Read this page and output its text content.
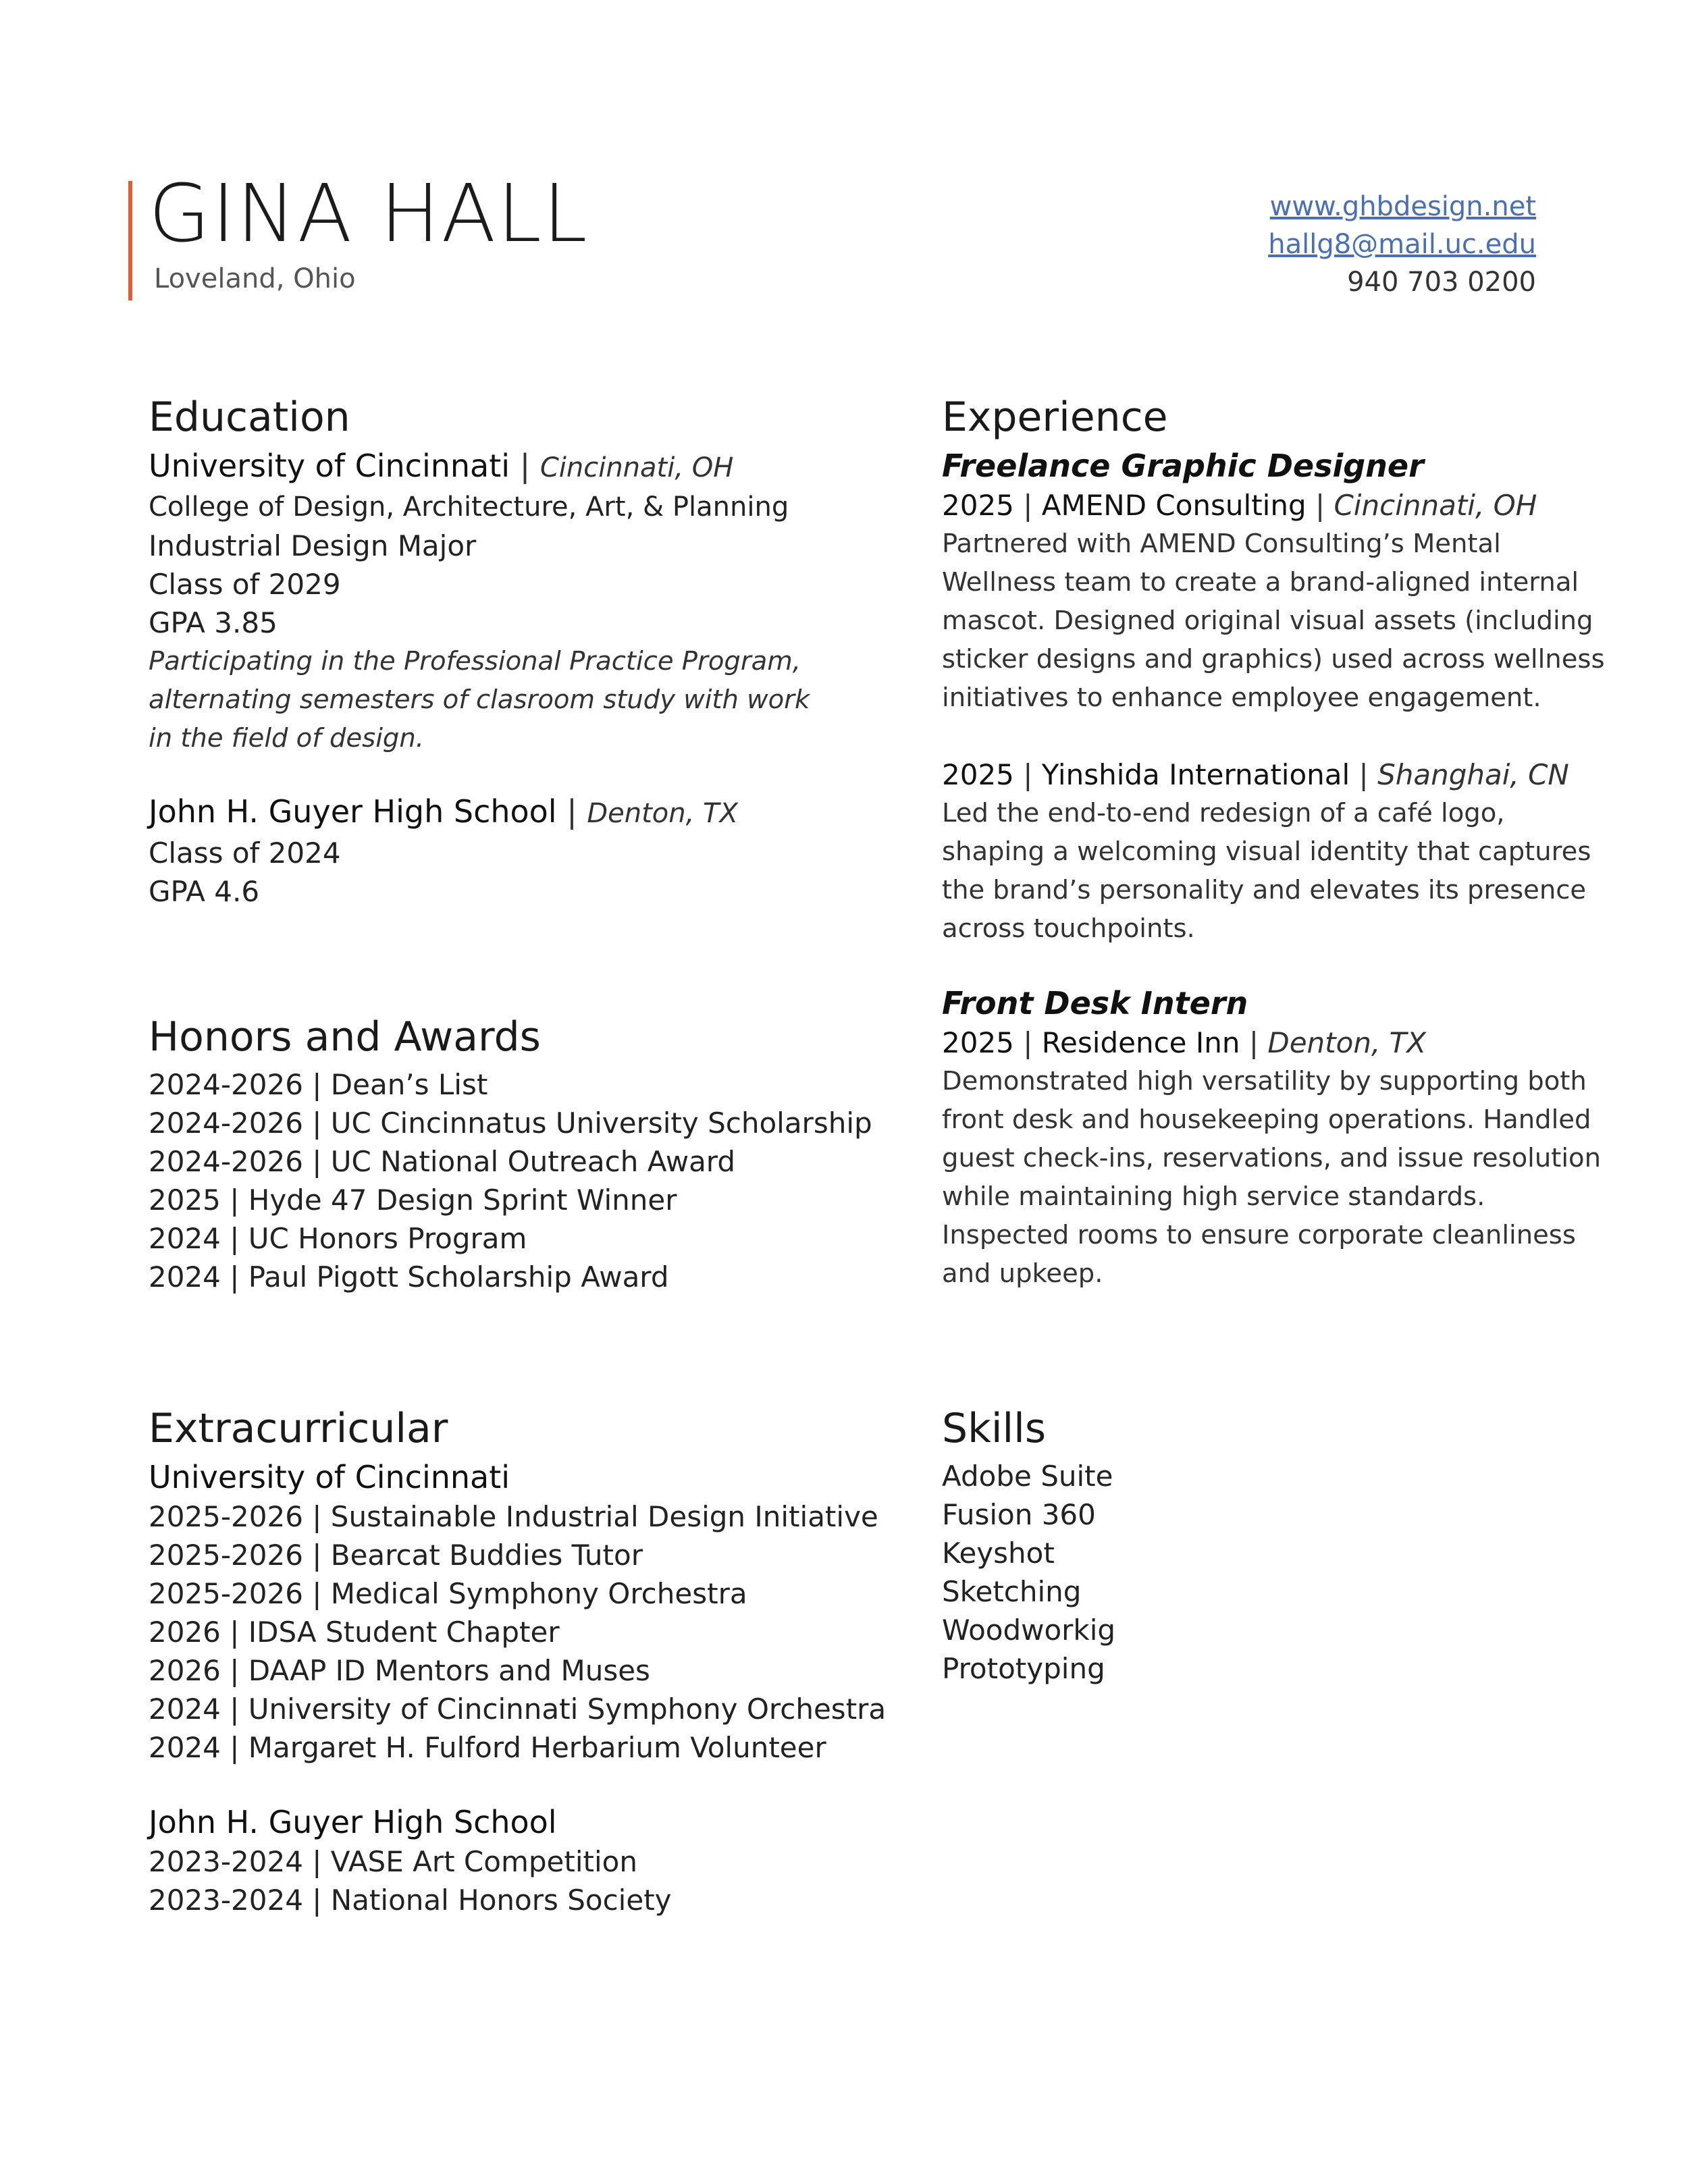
GINA HALL
Loveland, Ohio
www.ghbdesign.net
hallg8@mail.uc.edu
940 703 0200
Education
University of Cincinnati | Cincinnati, OH
College of Design, Architecture, Art, & Planning
Industrial Design Major
Class of 2029
GPA 3.85
Participating in the Professional Practice Program,
alternating semesters of clasroom study with work
in the field of design.
John H. Guyer High School | Denton, TX
Class of 2024
GPA 4.6
Honors and Awards
2024-2026 | Dean’s List
2024-2026 | UC Cincinnatus University Scholarship
2024-2026 | UC National Outreach Award
2025 | Hyde 47 Design Sprint Winner
2024 | UC Honors Program
2024 | Paul Pigott Scholarship Award
Extracurricular
University of Cincinnati
2025-2026 | Sustainable Industrial Design Initiative
2025-2026 | Bearcat Buddies Tutor
2025-2026 | Medical Symphony Orchestra
2026 | IDSA Student Chapter
2026 | DAAP ID Mentors and Muses
2024 | University of Cincinnati Symphony Orchestra
2024 | Margaret H. Fulford Herbarium Volunteer
John H. Guyer High School
2023-2024 | VASE Art Competition
2023-2024 | National Honors Society
Experience
Freelance Graphic Designer
2025 | AMEND Consulting | Cincinnati, OH
Partnered with AMEND Consulting’s Mental
Wellness team to create a brand-aligned internal
mascot. Designed original visual assets (including
sticker designs and graphics) used across wellness
initiatives to enhance employee engagement.
2025 | Yinshida International | Shanghai, CN
Led the end-to-end redesign of a café logo,
shaping a welcoming visual identity that captures
the brand’s personality and elevates its presence
across touchpoints.
Front Desk Intern
2025 | Residence Inn | Denton, TX
Demonstrated high versatility by supporting both
front desk and housekeeping operations. Handled
guest check-ins, reservations, and issue resolution
while maintaining high service standards.
Inspected rooms to ensure corporate cleanliness
and upkeep.
Skills
Adobe Suite
Fusion 360
Keyshot
Sketching
Woodworkig
Prototyping
